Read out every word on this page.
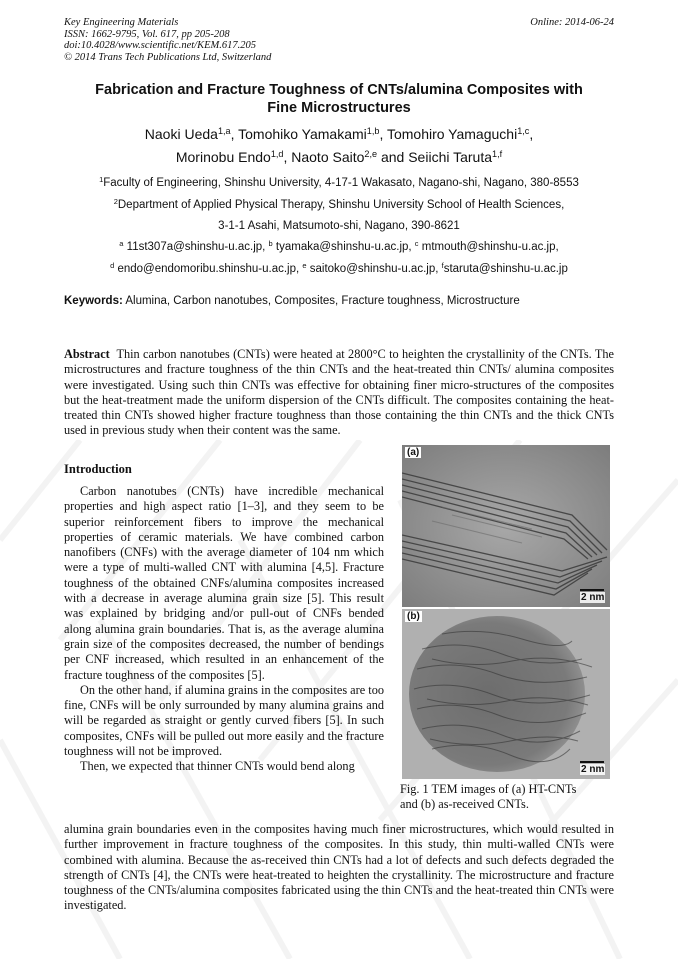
Key Engineering Materials
ISSN: 1662-9795, Vol. 617, pp 205-208
doi:10.4028/www.scientific.net/KEM.617.205
© 2014 Trans Tech Publications Ltd, Switzerland
Online: 2014-06-24
Fabrication and Fracture Toughness of CNTs/alumina Composites with
Fine Microstructures
Naoki Ueda$^{1,a}$, Tomohiko Yamakami$^{1,b}$, Tomohiro Yamaguchi$^{1,c}$,
Morinobu Endo$^{1,d}$, Naoto Saito$^{2,e}$ and Seiichi Taruta$^{1,f}$
$^1$Faculty of Engineering, Shinshu University, 4-17-1 Wakasato, Nagano-shi, Nagano, 380-8553
$^2$Department of Applied Physical Therapy, Shinshu University School of Health Sciences,
3-1-1 Asahi, Matsumoto-shi, Nagano, 390-8621
$^a$ 11st307a@shinshu-u.ac.jp, $^b$ tyamaka@shinshu-u.ac.jp, $^c$ mtmouth@shinshu-u.ac.jp,
$^d$ endo@endomoribu.shinshu-u.ac.jp, $^e$ saitoko@shinshu-u.ac.jp, $^f$staruta@shinshu-u.ac.jp
Keywords: Alumina, Carbon nanotubes, Composites, Fracture toughness, Microstructure
Abstract Thin carbon nanotubes (CNTs) were heated at 2800°C to heighten the crystallinity of the CNTs. The microstructures and fracture toughness of the thin CNTs and the heat-treated thin CNTs/ alumina composites were investigated. Using such thin CNTs was effective for obtaining finer micro-structures of the composites but the heat-treatment made the uniform dispersion of the CNTs difficult. The composites containing the heat-treated thin CNTs showed higher fracture toughness than those containing the thin CNTs and the thick CNTs used in previous study when their content was the same.
Introduction
Carbon nanotubes (CNTs) have incredible mechanical properties and high aspect ratio [1–3], and they seem to be superior reinforcement fibers to improve the mechanical properties of ceramic materials. We have combined carbon nanofibers (CNFs) with the average diameter of 104 nm which were a type of multi-walled CNT with alumina [4,5]. Fracture toughness of the obtained CNFs/alumina composites increased with a decrease in average alumina grain size [5]. This result was explained by bridging and/or pull-out of CNFs bended along alumina grain boundaries. That is, as the average alumina grain size of the composites decreased, the number of bendings per CNF increased, which resulted in an enhancement of the fracture toughness of the composites [5].
On the other hand, if alumina grains in the composites are too fine, CNFs will be only surrounded by many alumina grains and will be regarded as straight or gently curved fibers [5]. In such composites, CNFs will be pulled out more easily and the fracture toughness will not be improved.
Then, we expected that thinner CNTs would bend along
alumina grain boundaries even in the composites having much finer microstructures, which would resulted in further improvement in fracture toughness of the composites. In this study, thin multi-walled CNTs were combined with alumina. Because the as-received thin CNTs had a lot of defects and such defects degraded the strength of CNTs [4], the CNTs were heat-treated to heighten the crystallinity. The microstructure and fracture toughness of the CNTs/alumina composites fabricated using the thin CNTs and the heat-treated thin CNTs were investigated.
(a)
2 nm
(b)
2 nm
Fig. 1 TEM images of (a) HT-CNTs
and (b) as-received CNTs.
